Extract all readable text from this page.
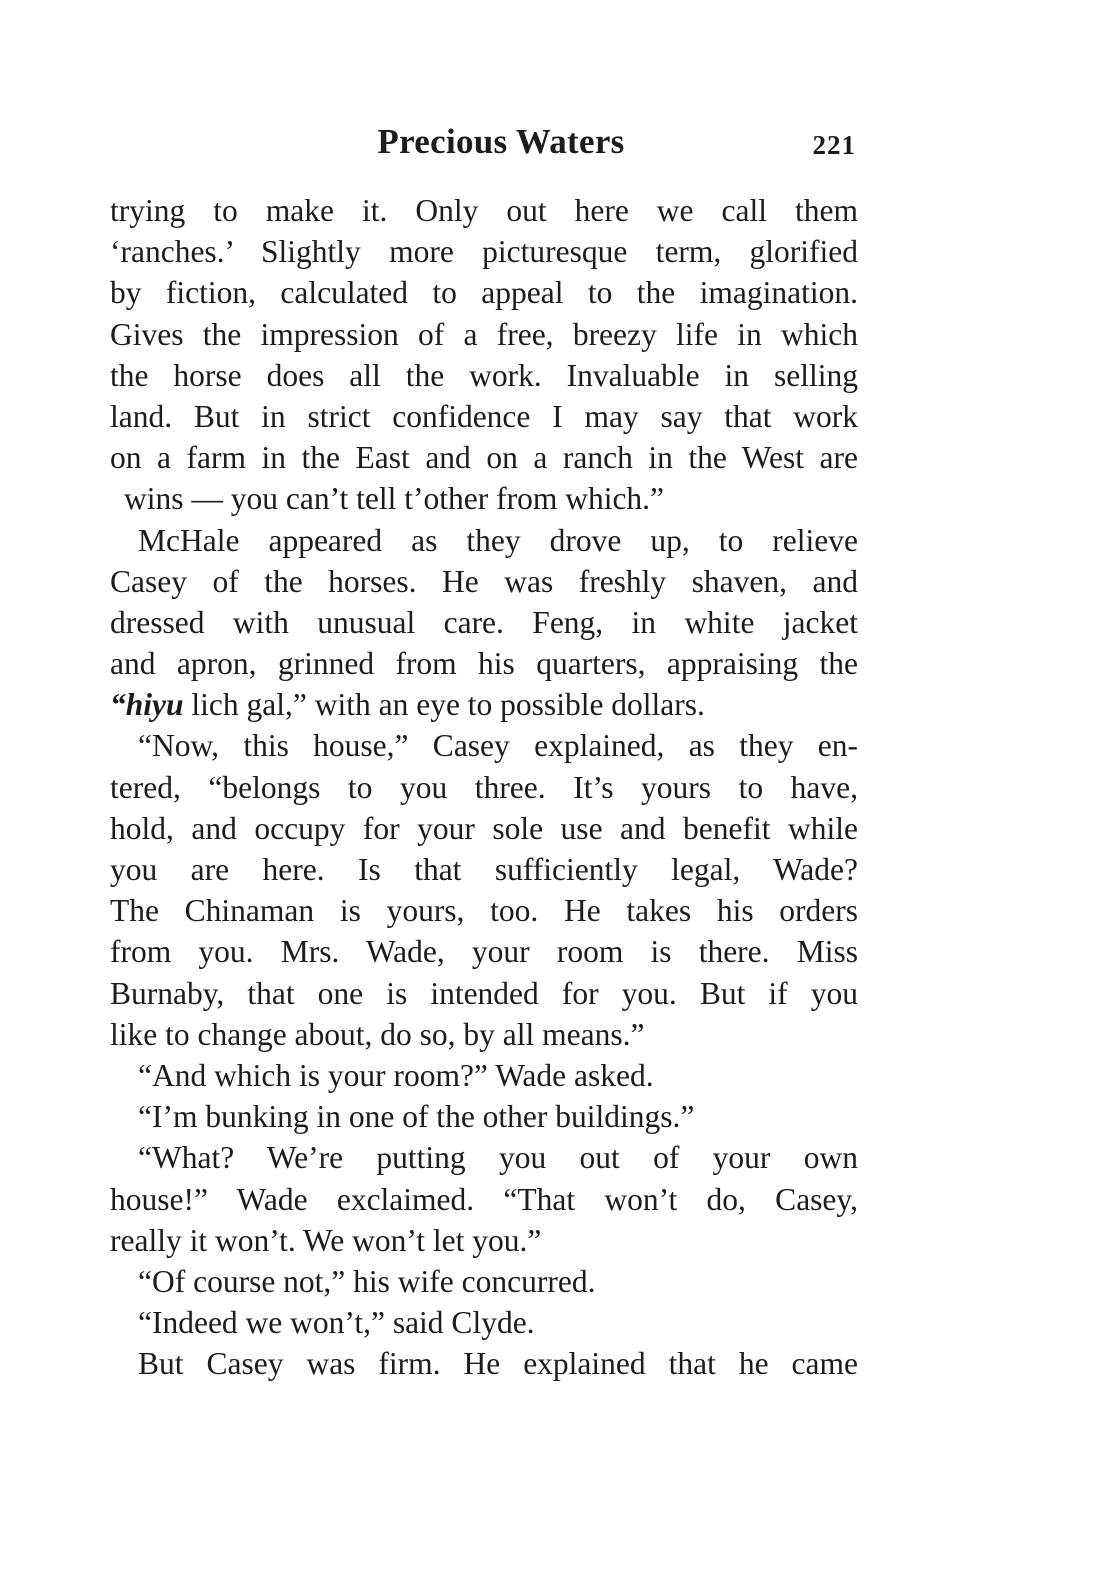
Precious Waters	221
trying to make it. Only out here we call them
‘ranches.’ Slightly more picturesque term, glorified
by fiction, calculated to appeal to the imagination.
Gives the impression of a free, breezy life in which
the horse does all the work. Invaluable in selling
land. But in strict confidence I may say that work
on a farm in the East and on a ranch in the West are
wins — you can’t tell t’other from which.”
McHale appeared as they drove up, to relieve
Casey of the horses. He was freshly shaven, and
dressed with unusual care. Feng, in white jacket
and apron, grinned from his quarters, appraising the
“hiyu lich gal,” with an eye to possible dollars.
“Now, this house,” Casey explained, as they en-
tered, “belongs to you three. It’s yours to have,
hold, and occupy for your sole use and benefit while
you are here. Is that sufficiently legal, Wade?
The Chinaman is yours, too. He takes his orders
from you. Mrs. Wade, your room is there. Miss
Burnaby, that one is intended for you. But if you
like to change about, do so, by all means.”
“And which is your room?” Wade asked.
“I’m bunking in one of the other buildings.”
“What? We’re putting you out of your own
house!” Wade exclaimed. “That won’t do, Casey,
really it won’t. We won’t let you.”
“Of course not,” his wife concurred.
“Indeed we won’t,” said Clyde.
But Casey was firm. He explained that he came
